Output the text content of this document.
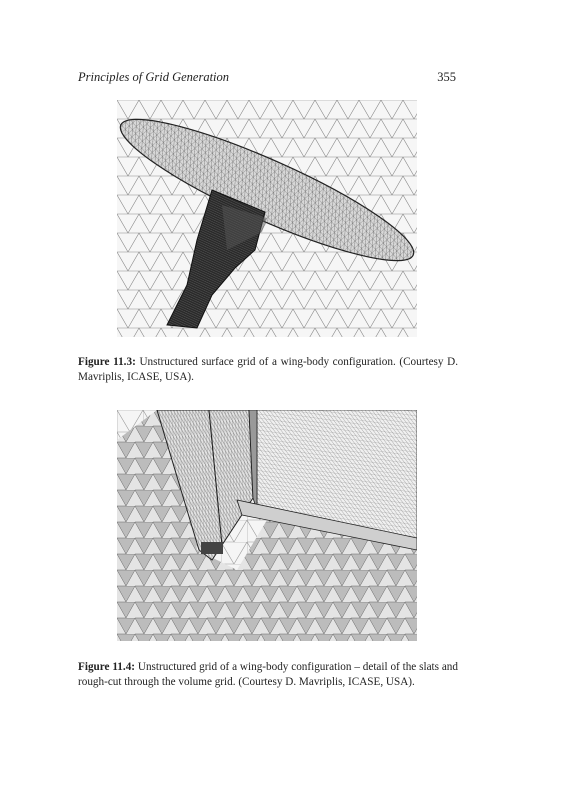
Principles of Grid Generation	355
Figure 11.3: Unstructured surface grid of a wing-body configuration. (Courtesy D. Mavriplis, ICASE, USA).
Figure 11.4: Unstructured grid of a wing-body configuration – detail of the slats and rough-cut through the volume grid. (Courtesy D. Mavriplis, ICASE, USA).
